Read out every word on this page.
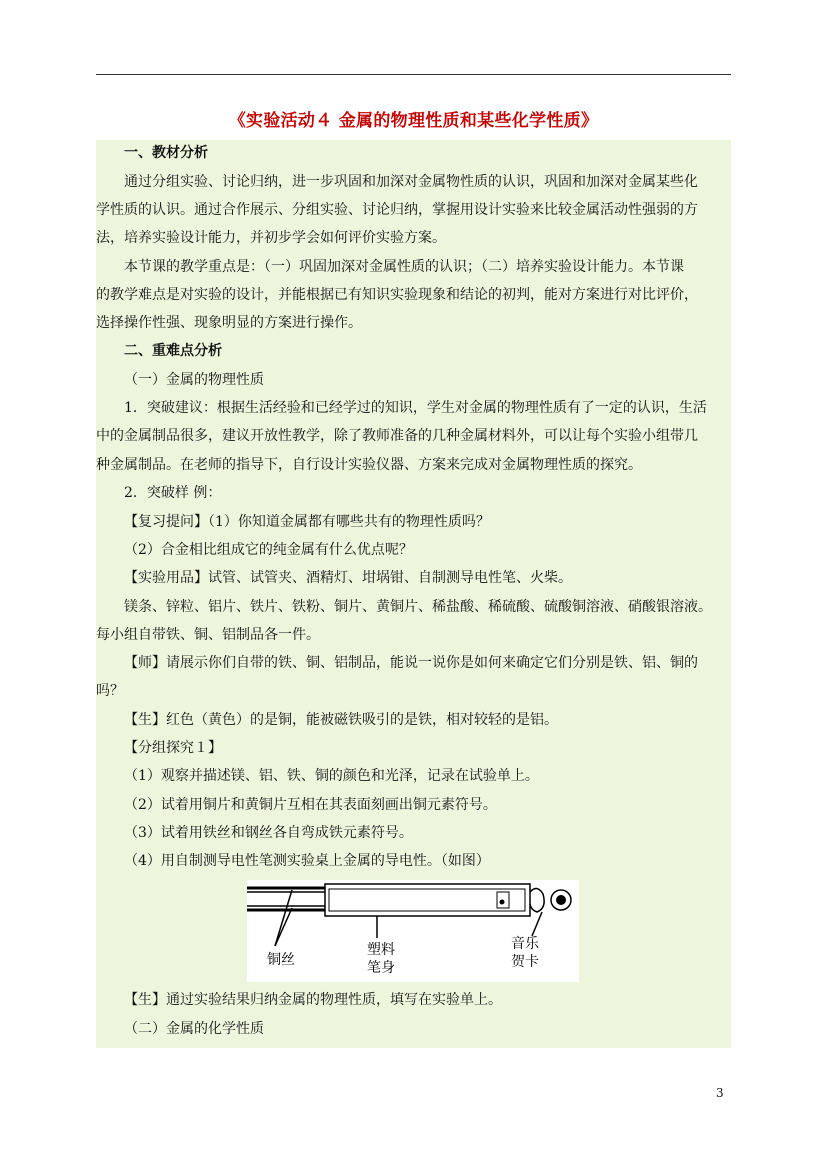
《实验活动４ 金属的物理性质和某些化学性质》
一、教材分析
通过分组实验、讨论归纳，进一步巩固和加深对金属物性质的认识，巩固和加深对金属某些化
学性质的认识。通过合作展示、分组实验、讨论归纳，掌握用设计实验来比较金属活动性强弱的方
法，培养实验设计能力，并初步学会如何评价实验方案。
本节课的教学重点是：（一）巩固加深对金属性质的认识；（二）培养实验设计能力。本节课
的教学难点是对实验的设计，并能根据已有知识实验现象和结论的初判，能对方案进行对比评价，
选择操作性强、现象明显的方案进行操作。
二、重难点分析
（一）金属的物理性质
1．突破建议：根据生活经验和已经学过的知识，学生对金属的物理性质有了一定的认识，生活
中的金属制品很多，建议开放性教学，除了教师准备的几种金属材料外，可以让每个实验小组带几
种金属制品。在老师的指导下，自行设计实验仪器、方案来完成对金属物理性质的探究。
2．突破样 例：
【复习提问】（1）你知道金属都有哪些共有的物理性质吗？
（2）合金相比组成它的纯金属有什么优点呢？
【实验用品】试管、试管夹、酒精灯、坩埚钳、自制测导电性笔、火柴。
镁条、锌粒、铝片、铁片、铁粉、铜片、黄铜片、稀盐酸、稀硫酸、硫酸铜溶液、硝酸银溶液。
每小组自带铁、铜、铝制品各一件。
【师】请展示你们自带的铁、铜、铝制品，能说一说你是如何来确定它们分别是铁、铝、铜的
吗？
【生】红色（黄色）的是铜，能被磁铁吸引的是铁，相对较轻的是铝。
【分组探究１】
（1）观察并描述镁、铝、铁、铜的颜色和光泽，记录在试验单上。
（2）试着用铜片和黄铜片互相在其表面刻画出铜元素符号。
（3）试着用铁丝和钢丝各自弯成铁元素符号。
（4）用自制测导电性笔测实验桌上金属的导电性。（如图）
铜丝
塑料
笔身
音乐
贺卡
【生】通过实验结果归纳金属的物理性质，填写在实验单上。
（二）金属的化学性质
3
